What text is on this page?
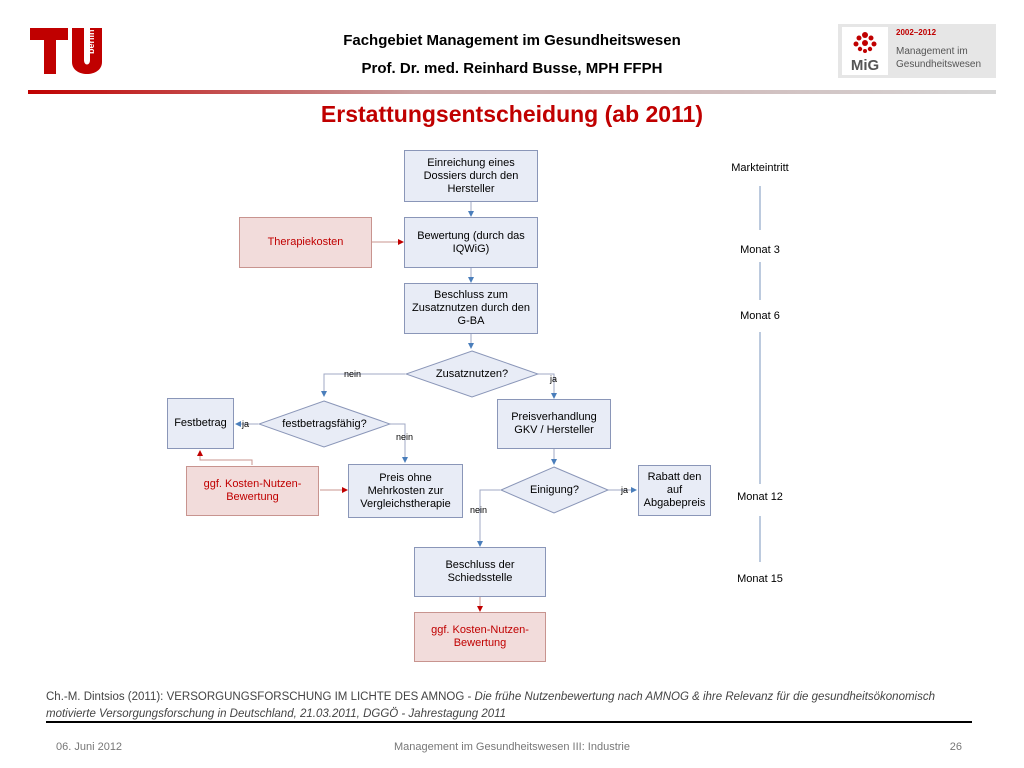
berlin	Fachgebiet Management im Gesundheitswesen
Prof. Dr. med. Reinhard Busse, MPH FFPH	MiG
2002–2012
Management im
Gesundheitswesen
Erstattungsentscheidung (ab 2011)
Einreichung eines Dossiers durch den Hersteller
Bewertung (durch das IQWiG)
Therapiekosten
Beschluss zum Zusatznutzen durch den G-BA
Zusatznutzen?
nein	ja
festbetragsfähig?
Festbetrag	ja
nein
Preisverhandlung GKV / Hersteller
ggf. Kosten-Nutzen-Bewertung
Preis ohne Mehrkosten zur Vergleichstherapie
Einigung?	ja
nein
Rabatt den auf Abgabepreis
Beschluss der Schiedsstelle
ggf. Kosten-Nutzen-Bewertung
Markteintritt
Monat 3
Monat 6
Monat 12
Monat 15
Ch.-M. Dintsios (2011): VERSORGUNGSFORSCHUNG IM LICHTE DES AMNOG - Die frühe Nutzenbewertung nach AMNOG & ihre Relevanz für die gesundheitsökonomisch motivierte Versorgungsforschung in Deutschland, 21.03.2011, DGGÖ - Jahrestagung 2011
06. Juni 2012	Management im Gesundheitswesen III: Industrie	26
